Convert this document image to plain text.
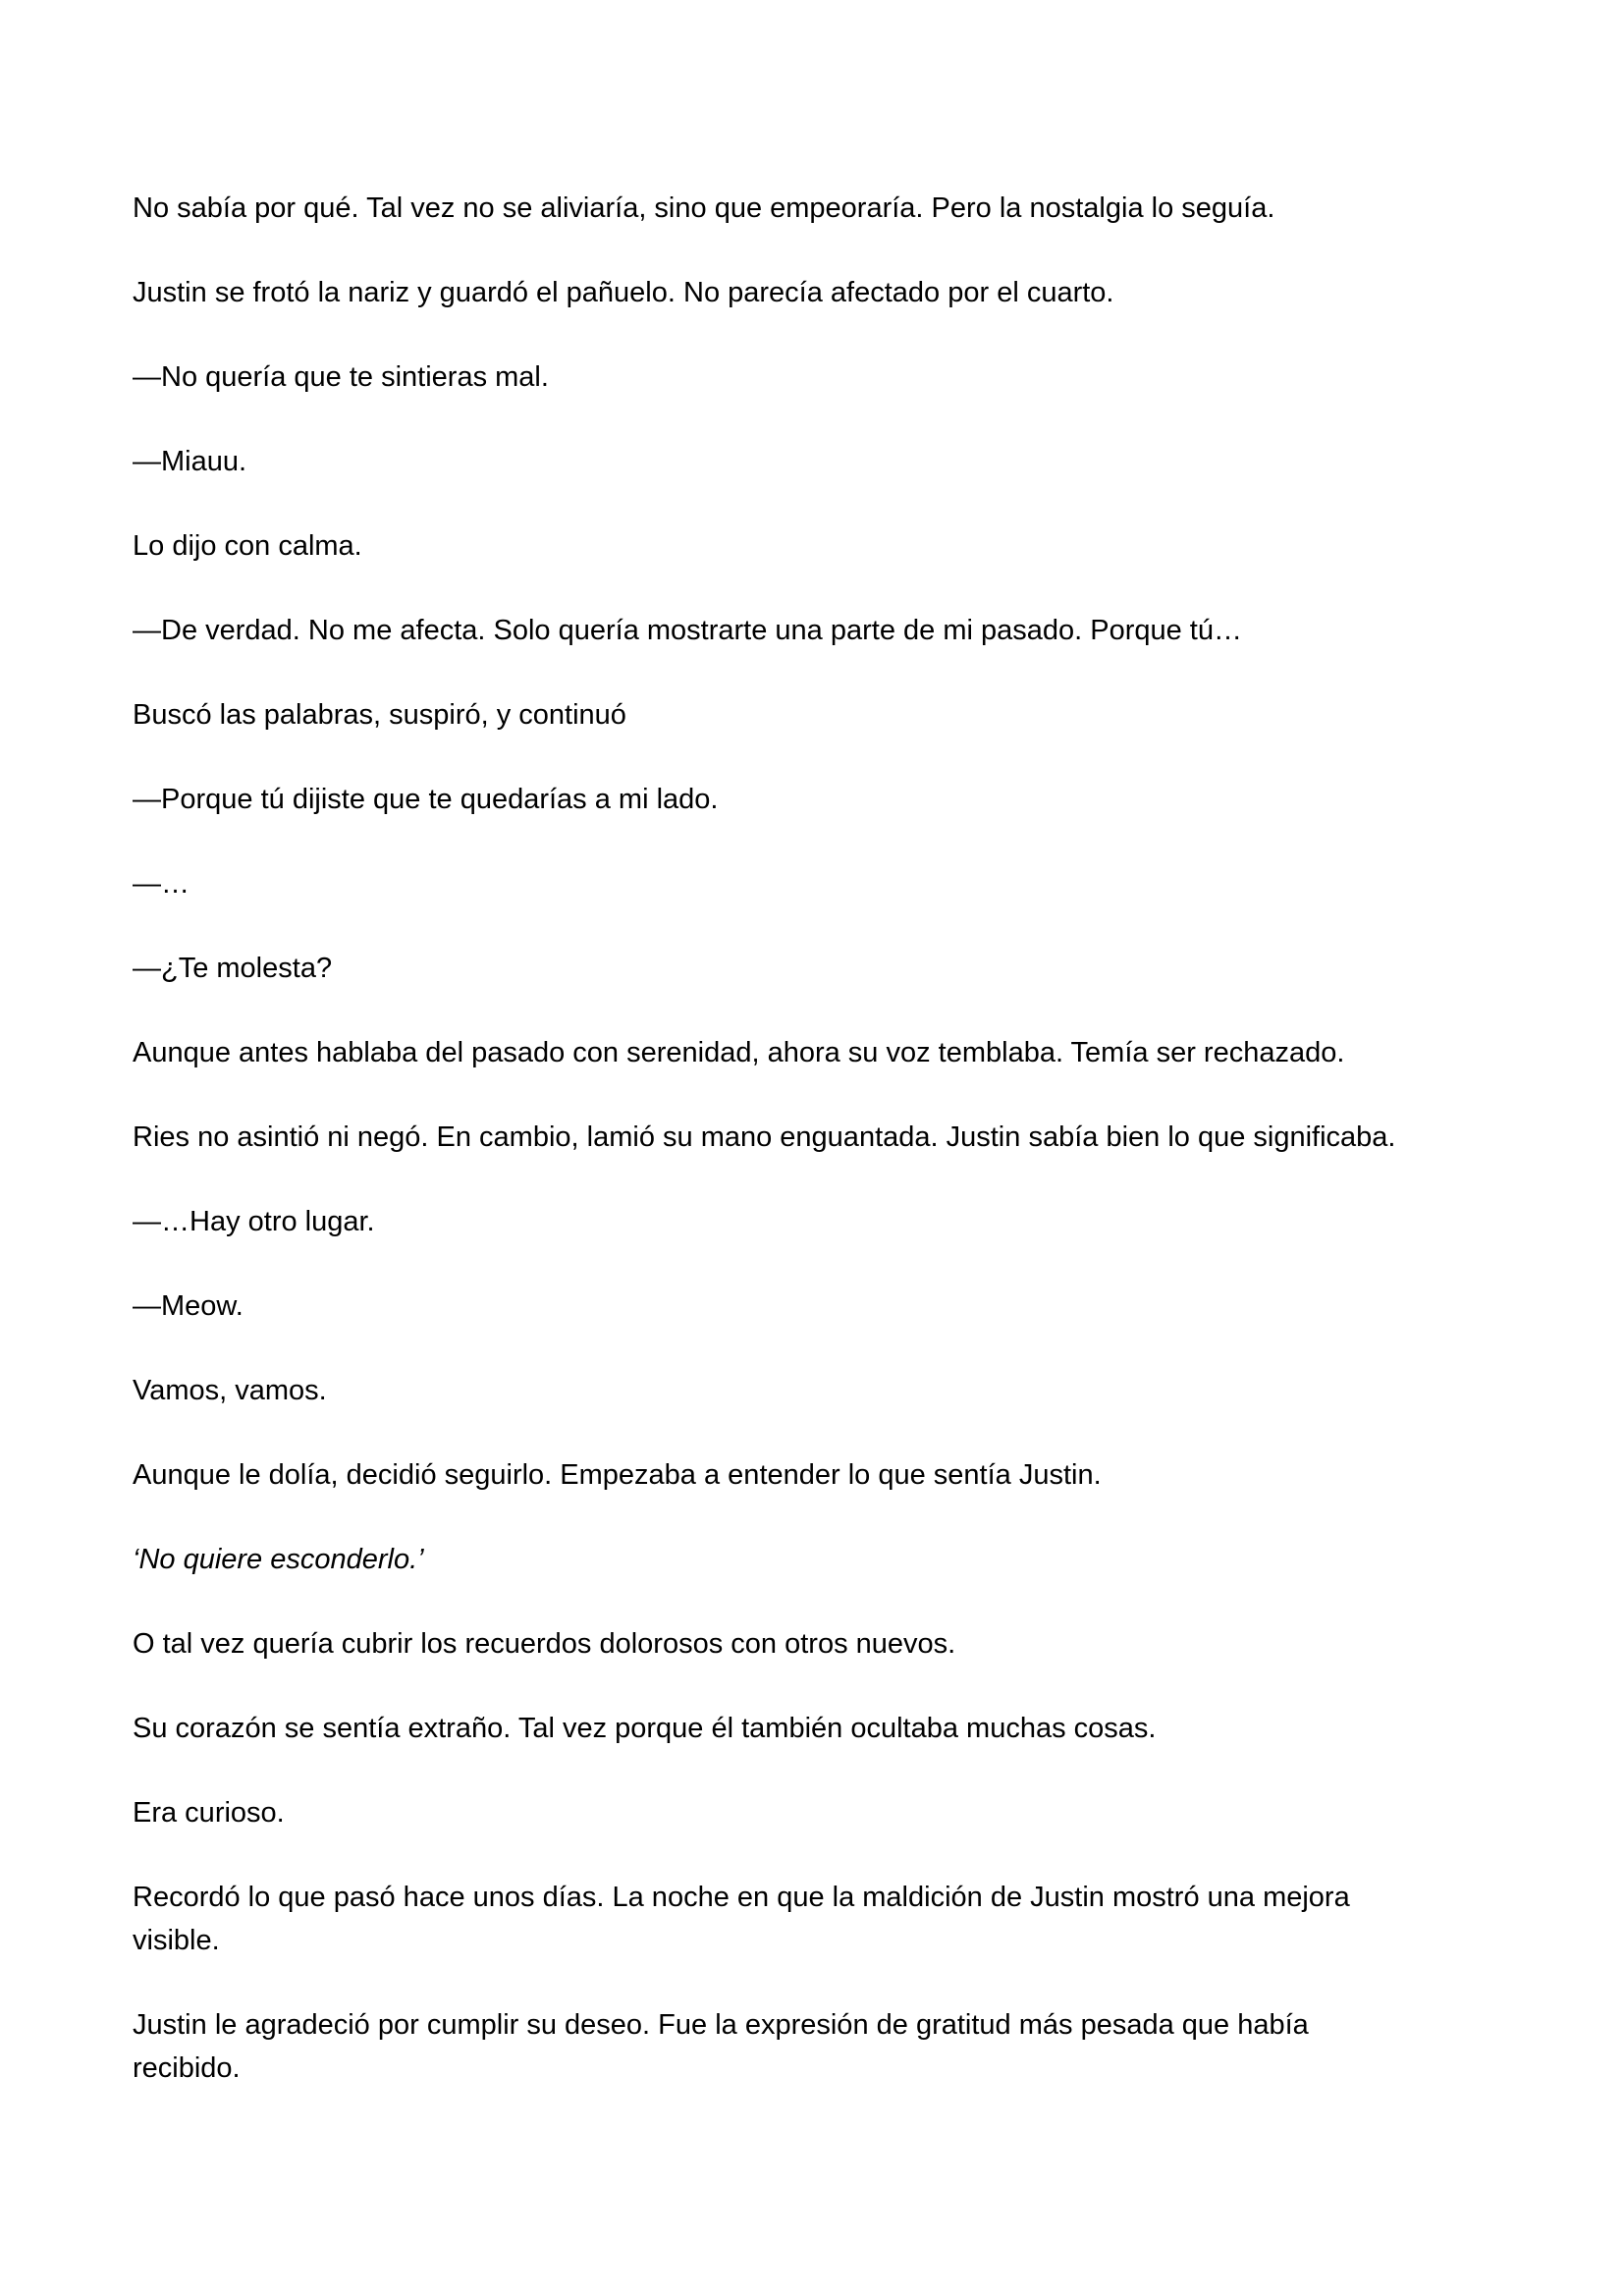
No sabía por qué. Tal vez no se aliviaría, sino que empeoraría. Pero la nostalgia lo seguía.

Justin se frotó la nariz y guardó el pañuelo. No parecía afectado por el cuarto.

—No quería que te sintieras mal.

—Miauu.

Lo dijo con calma.

—De verdad. No me afecta. Solo quería mostrarte una parte de mi pasado. Porque tú…

Buscó las palabras, suspiró, y continuó

—Porque tú dijiste que te quedarías a mi lado.

—…

—¿Te molesta?

Aunque antes hablaba del pasado con serenidad, ahora su voz temblaba. Temía ser rechazado.

Ries no asintió ni negó. En cambio, lamió su mano enguantada. Justin sabía bien lo que significaba.

—…Hay otro lugar.

—Meow.

Vamos, vamos.

Aunque le dolía, decidió seguirlo. Empezaba a entender lo que sentía Justin.

‘No quiere esconderlo.’

O tal vez quería cubrir los recuerdos dolorosos con otros nuevos.

Su corazón se sentía extraño. Tal vez porque él también ocultaba muchas cosas.

Era curioso.

Recordó lo que pasó hace unos días. La noche en que la maldición de Justin mostró una mejora visible.

Justin le agradeció por cumplir su deseo. Fue la expresión de gratitud más pesada que había recibido.
